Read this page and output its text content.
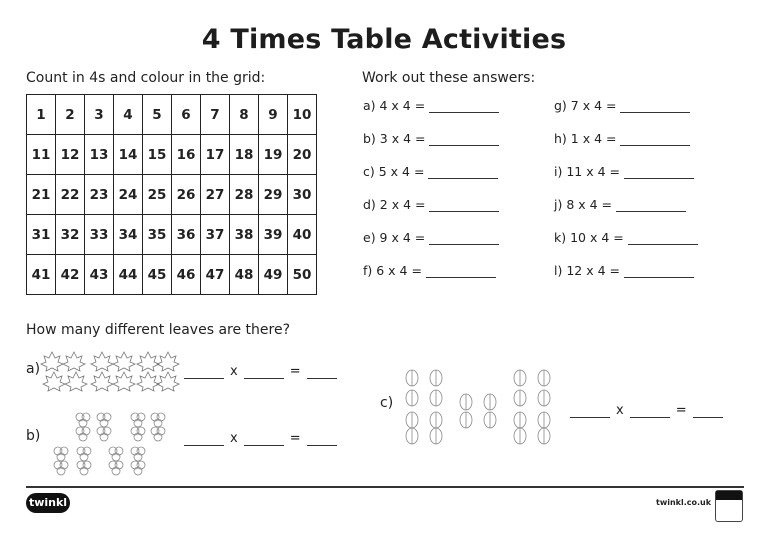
4 Times Table Activities
Count in 4s and colour in the grid:
1	2	3	4	5	6	7	8	9	10
11	12	13	14	15	16	17	18	19	20
21	22	23	24	25	26	27	28	29	30
31	32	33	34	35	36	37	38	39	40
41	42	43	44	45	46	47	48	49	50
Work out these answers:
a) 4 x 4 =
b) 3 x 4 =
c) 5 x 4 =
d) 2 x 4 =
e) 9 x 4 =
f) 6 x 4 =
g) 7 x 4 =
h) 1 x 4 =
i) 11 x 4 =
j) 8 x 4 =
k) 10 x 4 =
l) 12 x 4 =
How many different leaves are there?
a)
b)
c)
x	=
x	=
x	=
twinkl	twinkl.co.uk
